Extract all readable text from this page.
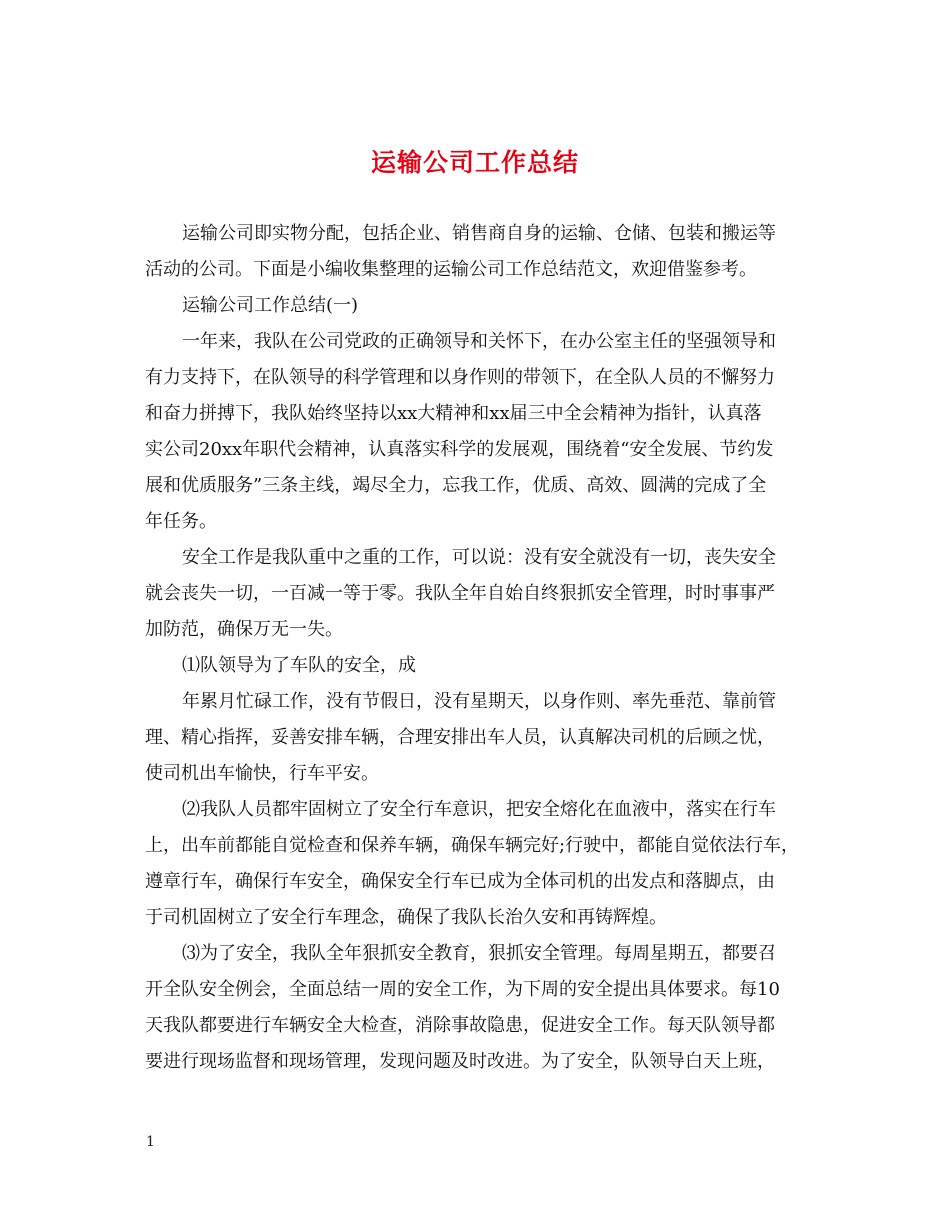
运输公司工作总结
运输公司即实物分配，包括企业、销售商自身的运输、仓储、包装和搬运等
活动的公司。下面是小编收集整理的运输公司工作总结范文，欢迎借鉴参考。
运输公司工作总结(一)
一年来，我队在公司党政的正确领导和关怀下，在办公室主任的坚强领导和
有力支持下，在队领导的科学管理和以身作则的带领下，在全队人员的不懈努力
和奋力拼搏下，我队始终坚持以xx大精神和xx届三中全会精神为指针，认真落
实公司20xx年职代会精神，认真落实科学的发展观，围绕着“安全发展、节约发
展和优质服务”三条主线，竭尽全力，忘我工作，优质、高效、圆满的完成了全
年任务。
安全工作是我队重中之重的工作，可以说：没有安全就没有一切，丧失安全
就会丧失一切，一百减一等于零。我队全年自始自终狠抓安全管理，时时事事严
加防范，确保万无一失。
⑴队领导为了车队的安全，成
年累月忙碌工作，没有节假日，没有星期天，以身作则、率先垂范、靠前管
理、精心指挥，妥善安排车辆，合理安排出车人员，认真解决司机的后顾之忧，
使司机出车愉快，行车平安。
⑵我队人员都牢固树立了安全行车意识，把安全熔化在血液中，落实在行车
上，出车前都能自觉检查和保养车辆，确保车辆完好;行驶中，都能自觉依法行车，
遵章行车，确保行车安全，确保安全行车已成为全体司机的出发点和落脚点，由
于司机固树立了安全行车理念，确保了我队长治久安和再铸辉煌。
⑶为了安全，我队全年狠抓安全教育，狠抓安全管理。每周星期五，都要召
开全队安全例会，全面总结一周的安全工作，为下周的安全提出具体要求。每10
天我队都要进行车辆安全大检查，消除事故隐患，促进安全工作。每天队领导都
要进行现场监督和现场管理，发现问题及时改进。为了安全，队领导白天上班，
1
